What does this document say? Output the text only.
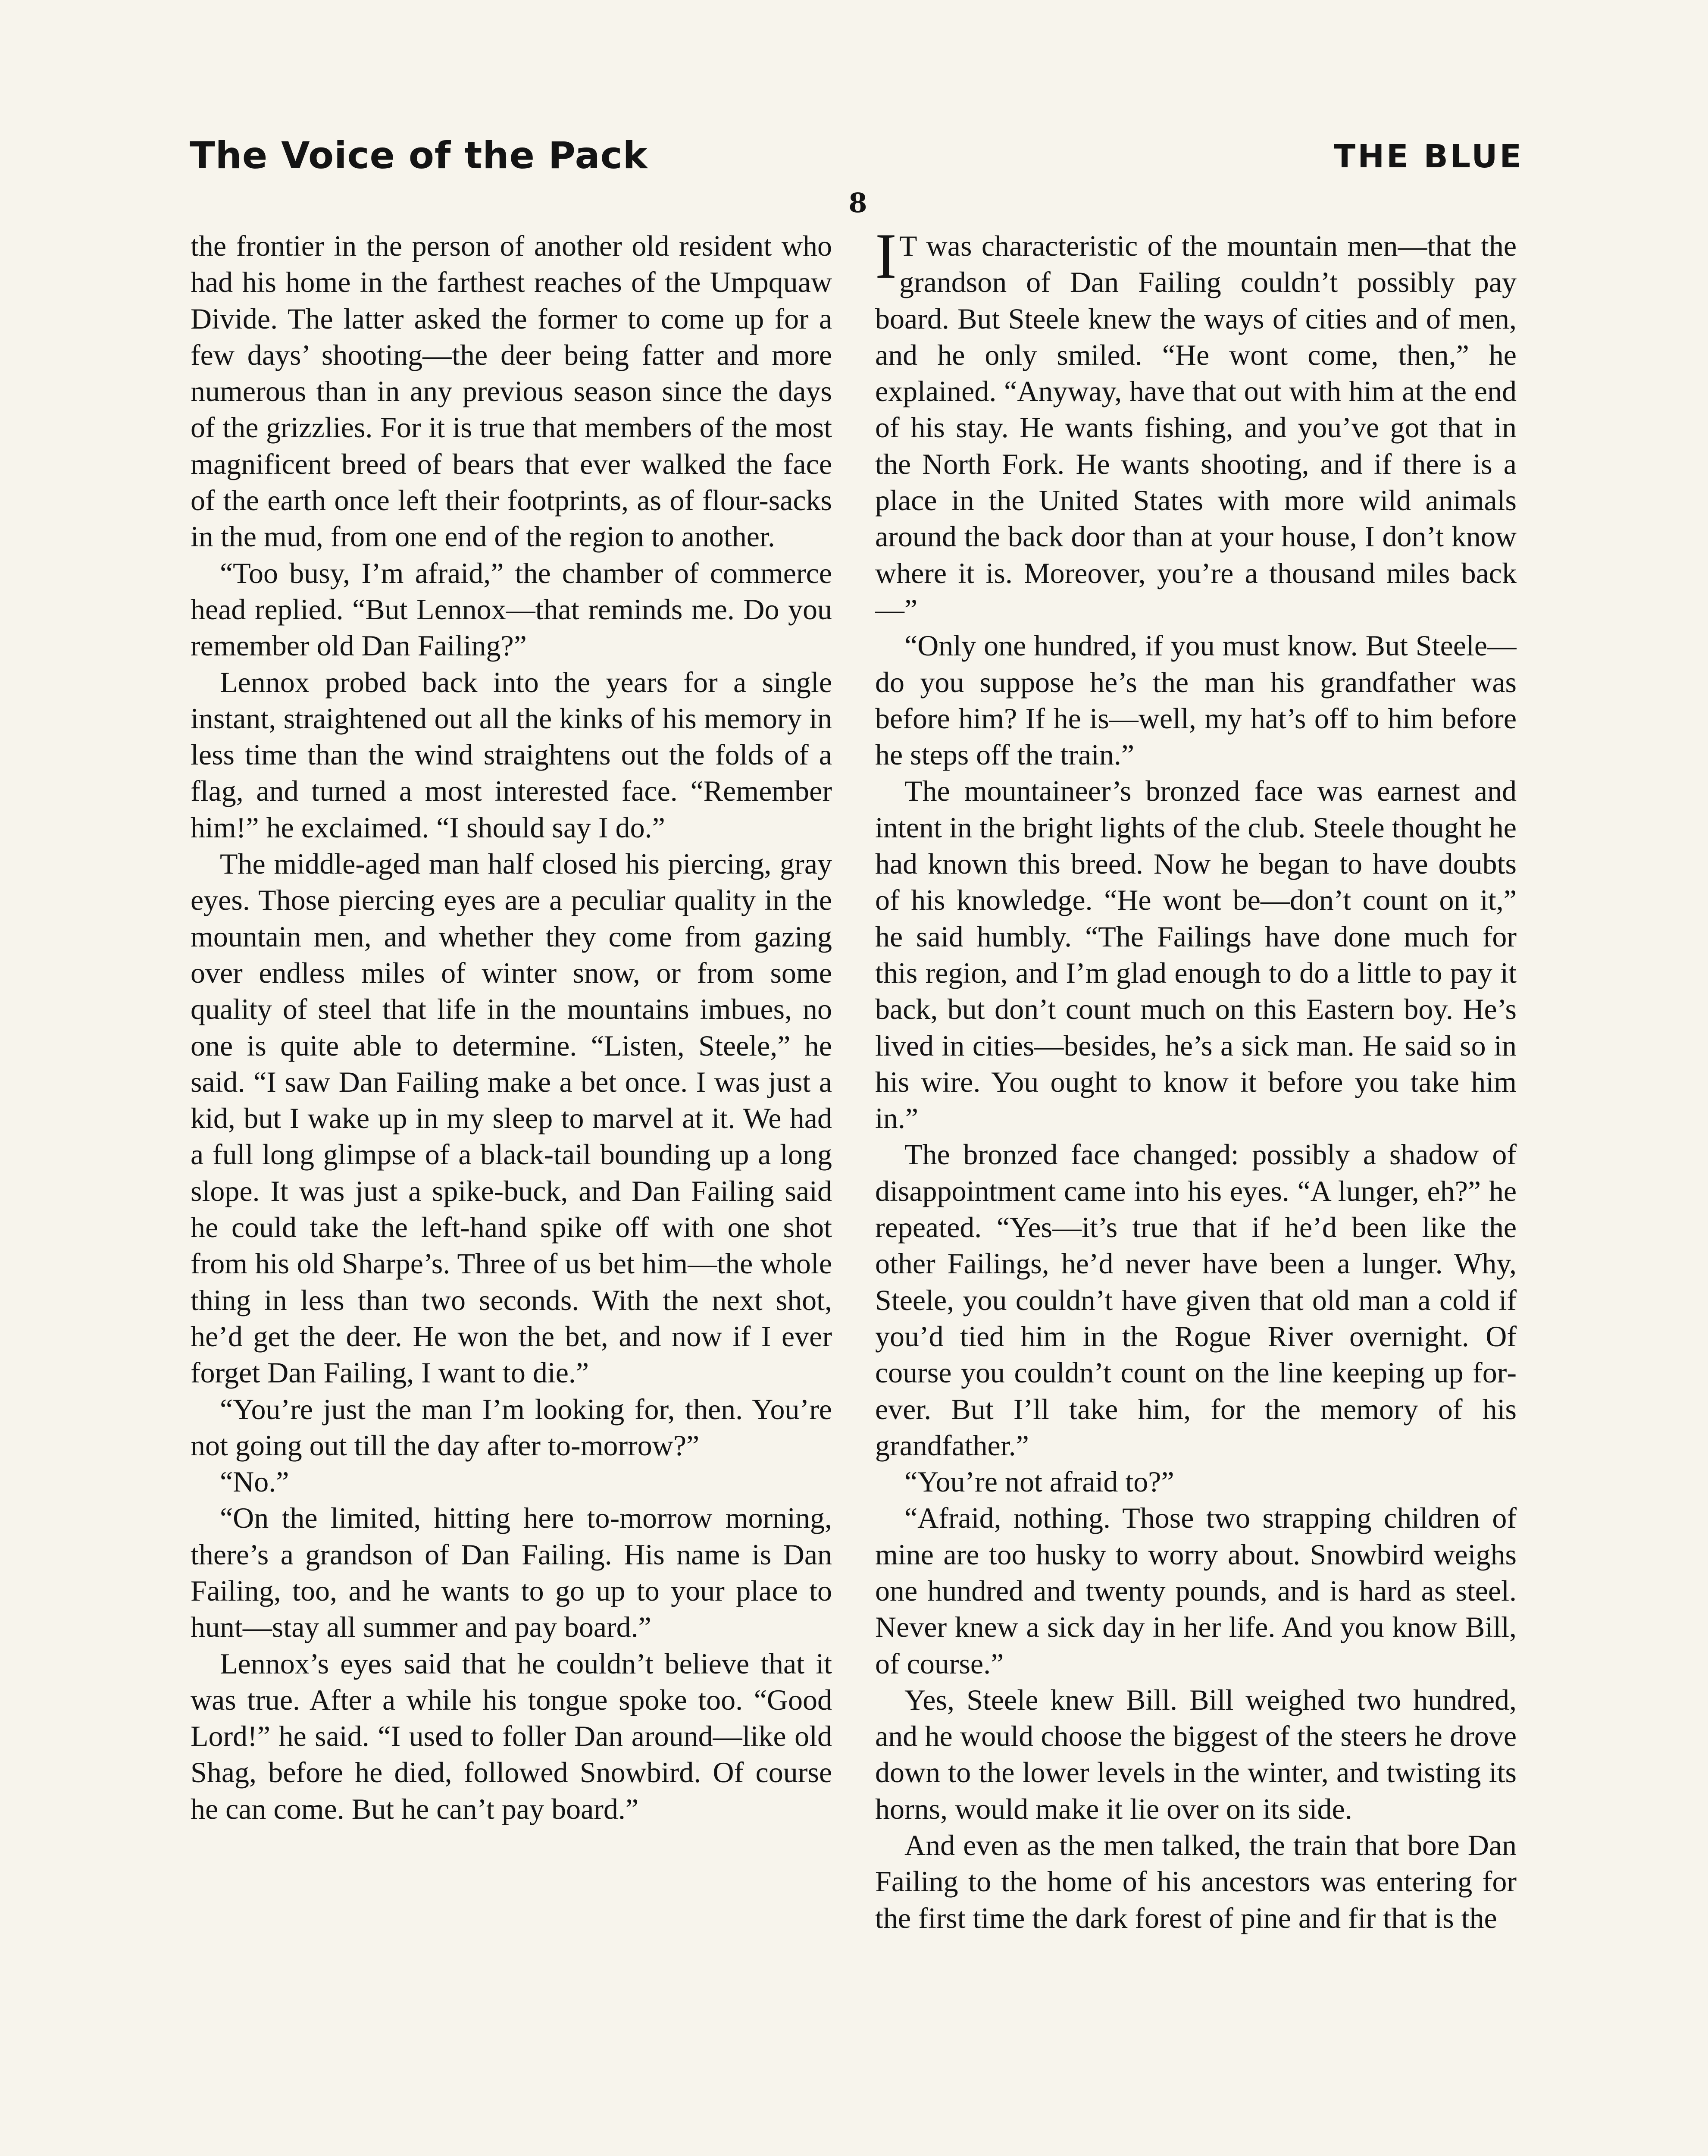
The Voice of the Pack	THE BLUE
8

the frontier in the person of another old resident who had his home in the farthest reaches of the Umpquaw Divide. The latter asked the former to come up for a few days’ shooting—the deer being fatter and more numerous than in any previous season since the days of the grizzlies. For it is true that members of the most magnificent breed of bears that ever walked the face of the earth once left their footprints, as of flour-sacks in the mud, from one end of the region to another.

“Too busy, I’m afraid,” the chamber of commerce head replied. “But Lennox—that reminds me. Do you remember old Dan Failing?”

Lennox probed back into the years for a single instant, straightened out all the kinks of his memory in less time than the wind straightens out the folds of a flag, and turned a most interested face. “Remember him!” he exclaimed. “I should say I do.”

The middle-aged man half closed his piercing, gray eyes. Those piercing eyes are a peculiar quality in the mountain men, and whether they come from gazing over endless miles of winter snow, or from some quality of steel that life in the mountains imbues, no one is quite able to determine. “Listen, Steele,” he said. “I saw Dan Failing make a bet once. I was just a kid, but I wake up in my sleep to marvel at it. We had a full long glimpse of a black-tail bounding up a long slope. It was just a spike-buck, and Dan Failing said he could take the left-hand spike off with one shot from his old Sharpe’s. Three of us bet him—the whole thing in less than two seconds. With the next shot, he’d get the deer. He won the bet, and now if I ever forget Dan Failing, I want to die.”

“You’re just the man I’m looking for, then. You’re not going out till the day after to-morrow?”

“No.”

“On the limited, hitting here to-morrow morning, there’s a grandson of Dan Failing. His name is Dan Failing, too, and he wants to go up to your place to hunt—stay all summer and pay board.”

Lennox’s eyes said that he couldn’t believe that it was true. After a while his tongue spoke too. “Good Lord!” he said. “I used to foller Dan around—like old Shag, before he died, followed Snowbird. Of course he can come. But he can’t pay board.”

I T was characteristic of the mountain men—that the grandson of Dan Failing couldn’t possibly pay board. But Steele knew the ways of cities and of men, and he only smiled. “He wont come, then,” he explained. “Anyway, have that out with him at the end of his stay. He wants fishing, and you’ve got that in the North Fork. He wants shooting, and if there is a place in the United States with more wild animals around the back door than at your house, I don’t know where it is. Moreover, you’re a thousand miles back—”

“Only one hundred, if you must know. But Steele—do you suppose he’s the man his grandfather was before him? If he is—well, my hat’s off to him before he steps off the train.”

The mountaineer’s bronzed face was earnest and intent in the bright lights of the club. Steele thought he had known this breed. Now he began to have doubts of his knowledge. “He wont be—don’t count on it,” he said humbly. “The Failings have done much for this region, and I’m glad enough to do a little to pay it back, but don’t count much on this Eastern boy. He’s lived in cities—besides, he’s a sick man. He said so in his wire. You ought to know it before you take him in.”

The bronzed face changed: possibly a shadow of disappointment came into his eyes. “A lunger, eh?” he repeated. “Yes—it’s true that if he’d been like the other Failings, he’d never have been a lunger. Why, Steele, you couldn’t have given that old man a cold if you’d tied him in the Rogue River overnight. Of course you couldn’t count on the line keeping up forever. But I’ll take him, for the memory of his grandfather.”

“You’re not afraid to?”

“Afraid, nothing. Those two strapping children of mine are too husky to worry about. Snowbird weighs one hundred and twenty pounds, and is hard as steel. Never knew a sick day in her life. And you know Bill, of course.”

Yes, Steele knew Bill. Bill weighed two hundred, and he would choose the biggest of the steers he drove down to the lower levels in the winter, and twisting its horns, would make it lie over on its side.

And even as the men talked, the train that bore Dan Failing to the home of his ancestors was entering for the first time the dark forest of pine and fir that is the
